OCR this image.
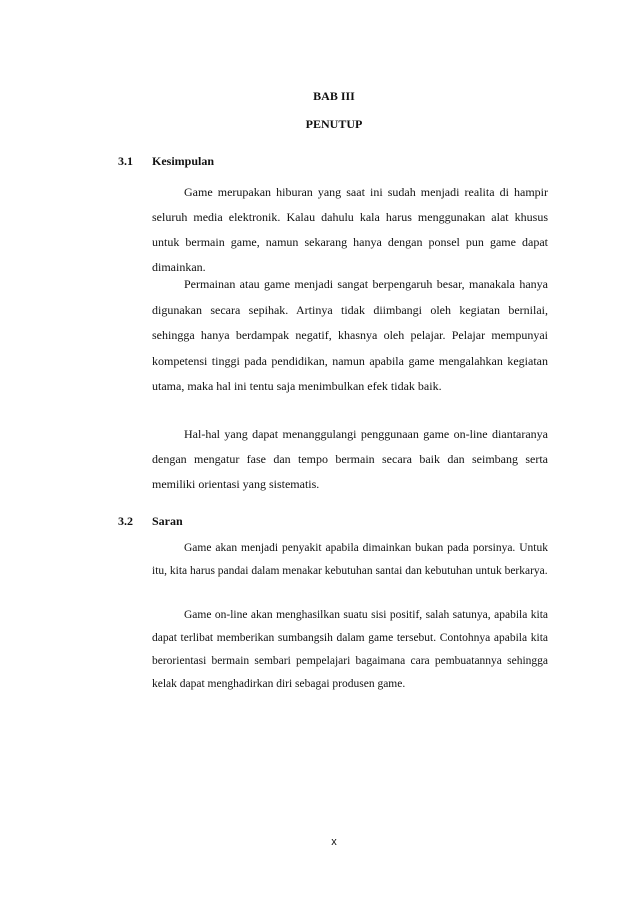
BAB III
PENUTUP
3.1 Kesimpulan
Game merupakan hiburan yang saat ini sudah menjadi realita di hampir seluruh media elektronik. Kalau dahulu kala harus menggunakan alat khusus untuk bermain game, namun sekarang hanya dengan ponsel pun game dapat dimainkan.
Permainan atau game menjadi sangat berpengaruh besar, manakala hanya digunakan secara sepihak. Artinya tidak diimbangi oleh kegiatan bernilai, sehingga hanya berdampak negatif, khasnya oleh pelajar. Pelajar mempunyai kompetensi tinggi pada pendidikan, namun apabila game mengalahkan kegiatan utama, maka hal ini tentu saja menimbulkan efek tidak baik.
Hal-hal yang dapat menanggulangi penggunaan game on-line diantaranya dengan mengatur fase dan tempo bermain secara baik dan seimbang serta memiliki orientasi yang sistematis.
3.2 Saran
Game akan menjadi penyakit apabila dimainkan bukan pada porsinya. Untuk itu, kita harus pandai dalam menakar kebutuhan santai dan kebutuhan untuk berkarya.
Game on-line akan menghasilkan suatu sisi positif, salah satunya, apabila kita dapat terlibat memberikan sumbangsih dalam game tersebut. Contohnya apabila kita berorientasi bermain sembari pempelajari bagaimana cara pembuatannya sehingga kelak dapat menghadirkan diri sebagai produsen game.
x
